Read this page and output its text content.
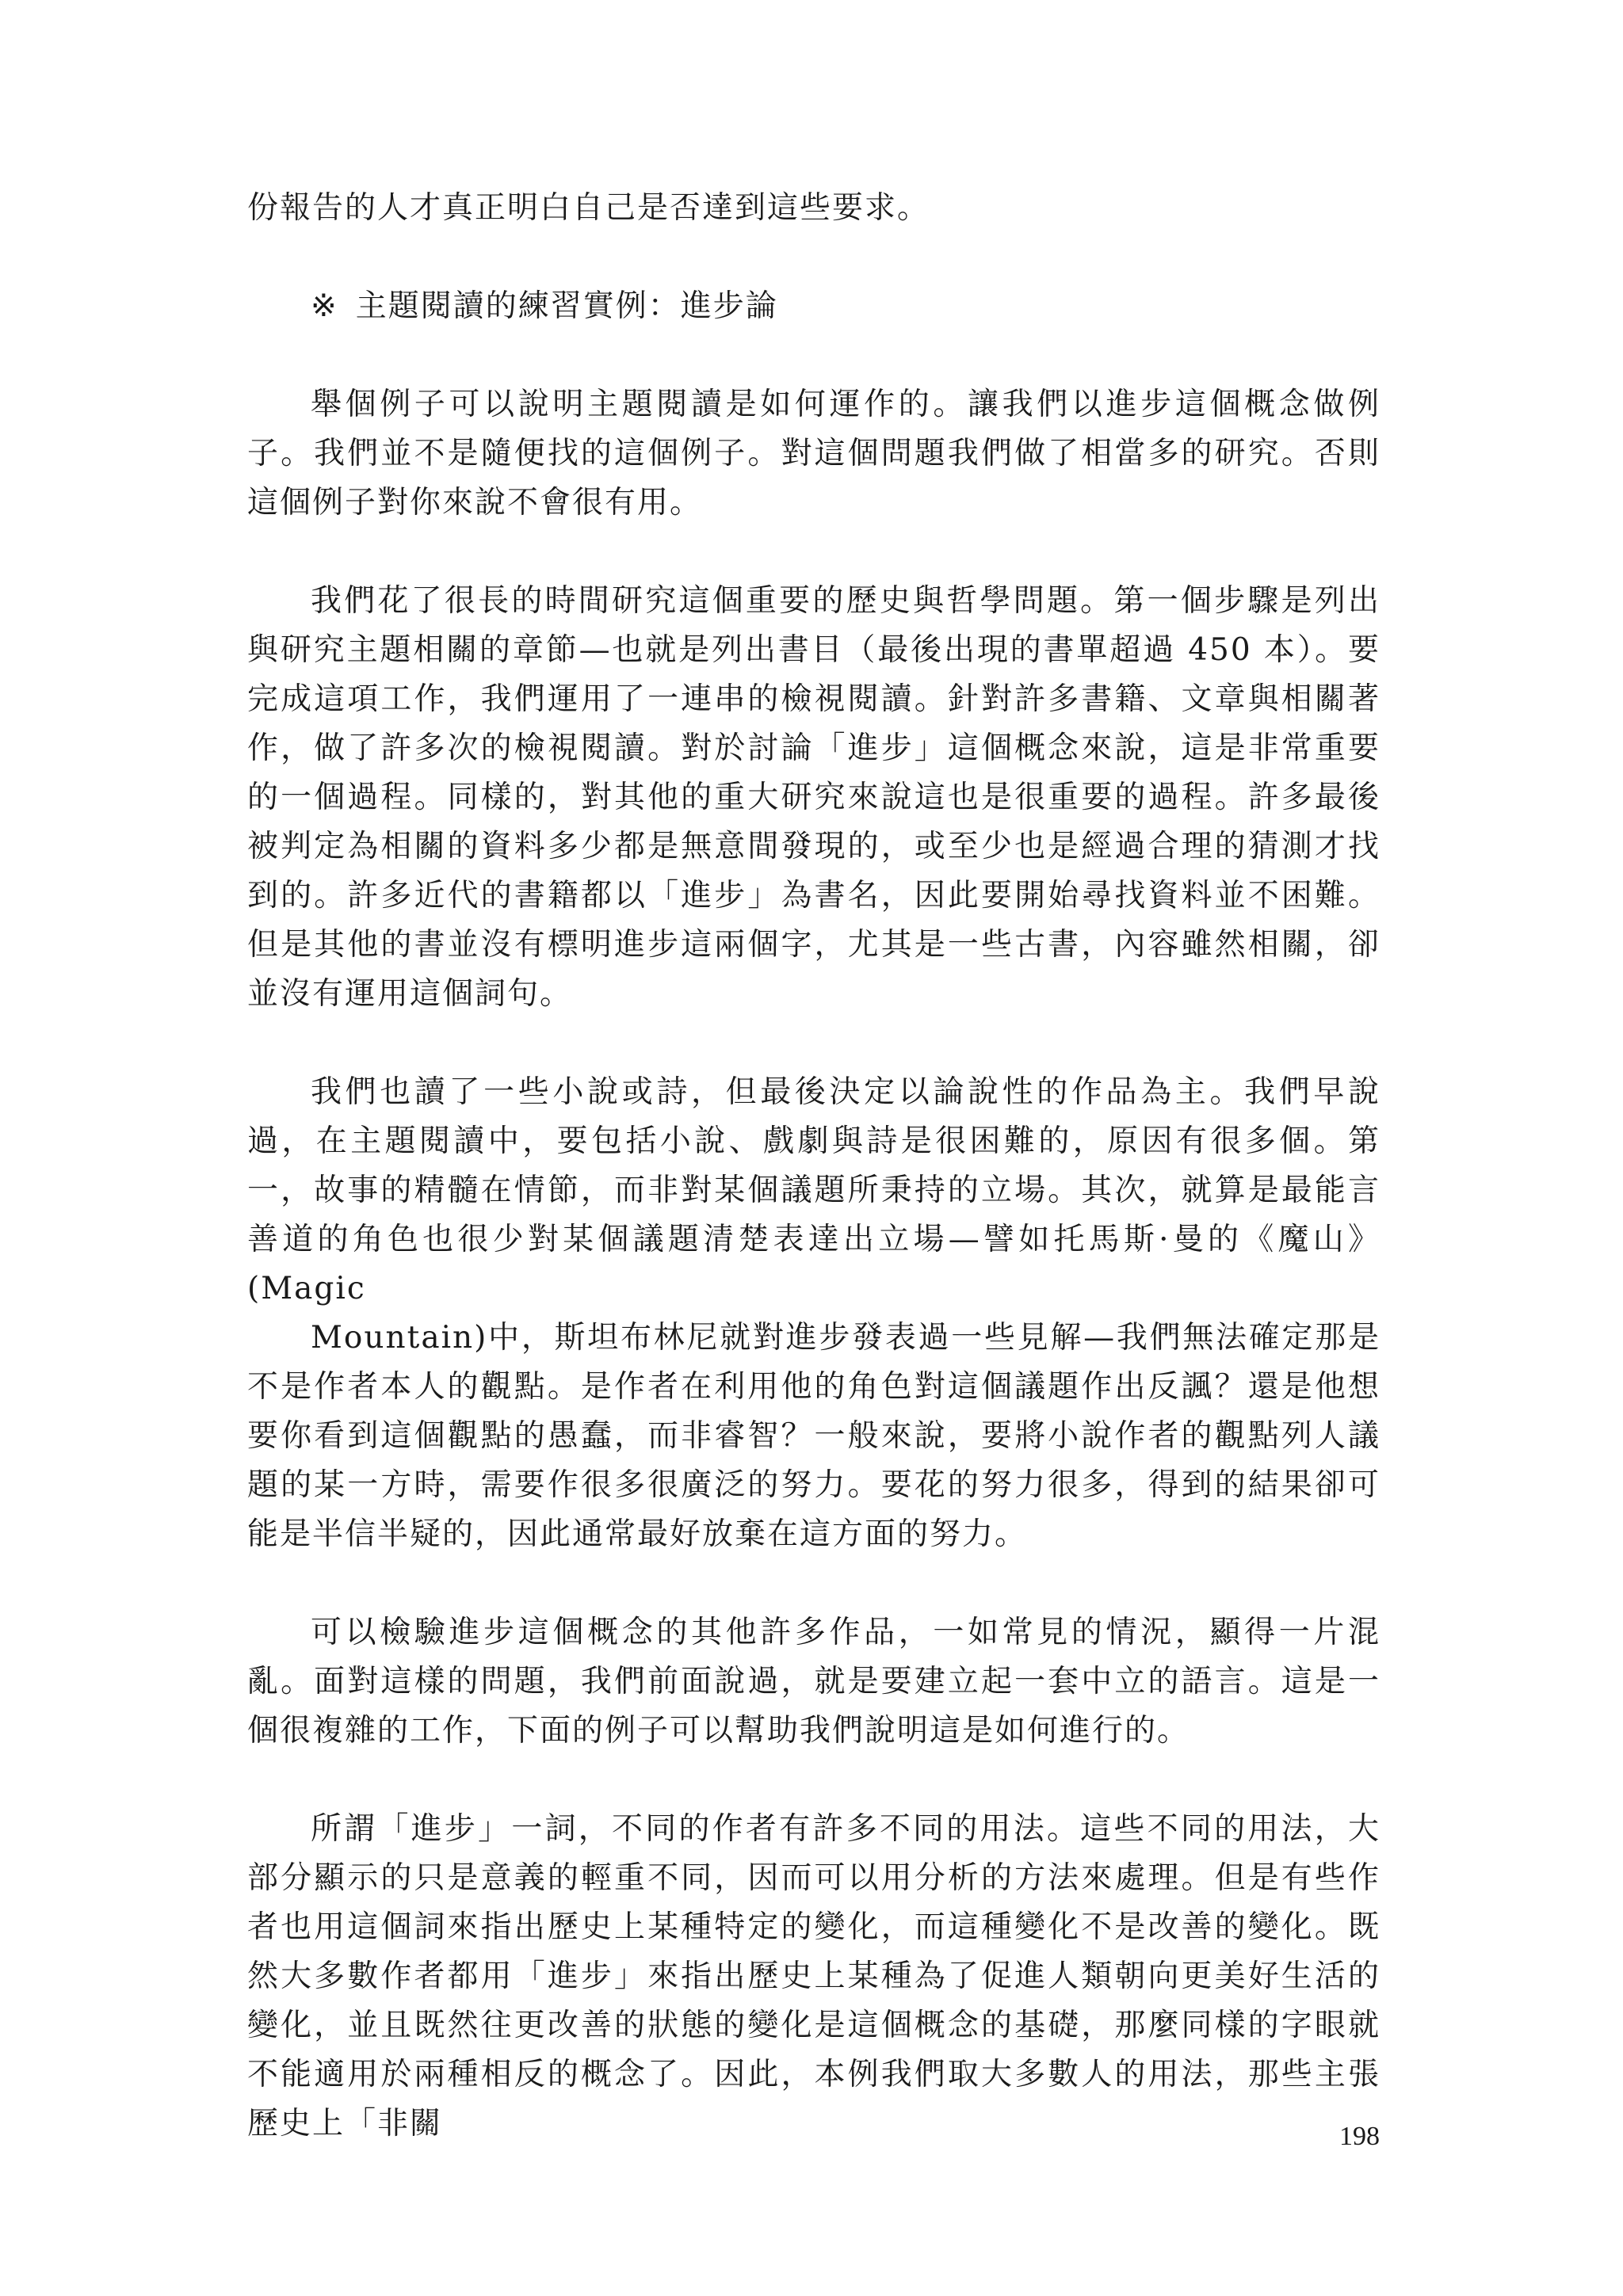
份報告的人才真正明白自己是否達到這些要求。

※ 主題閱讀的練習實例：進步論

舉個例子可以說明主題閱讀是如何運作的。讓我們以進步這個概念做例子。我們並不是隨便找的這個例子。對這個問題我們做了相當多的研究。否則這個例子對你來說不會很有用。

我們花了很長的時間研究這個重要的歷史與哲學問題。第一個步驟是列出與研究主題相關的章節—也就是列出書目（最後出現的書單超過 450 本）。要完成這項工作，我們運用了一連串的檢視閱讀。針對許多書籍、文章與相關著作，做了許多次的檢視閱讀。對於討論「進步」這個概念來說，這是非常重要的一個過程。同樣的，對其他的重大研究來說這也是很重要的過程。許多最後被判定為相關的資料多少都是無意間發現的，或至少也是經過合理的猜測才找到的。許多近代的書籍都以「進步」為書名，因此要開始尋找資料並不困難。但是其他的書並沒有標明進步這兩個字，尤其是一些古書，內容雖然相關，卻並沒有運用這個詞句。

我們也讀了一些小說或詩，但最後決定以論說性的作品為主。我們早說過，在主題閱讀中，要包括小說、戲劇與詩是很困難的，原因有很多個。第一，故事的精髓在情節，而非對某個議題所秉持的立場。其次，就算是最能言善道的角色也很少對某個議題清楚表達出立場—譬如托馬斯·曼的《魔山》(Magic

Mountain)中，斯坦布林尼就對進步發表過一些見解—我們無法確定那是不是作者本人的觀點。是作者在利用他的角色對這個議題作出反諷？還是他想要你看到這個觀點的愚蠢，而非睿智？一般來說，要將小說作者的觀點列人議題的某一方時，需要作很多很廣泛的努力。要花的努力很多，得到的結果卻可能是半信半疑的，因此通常最好放棄在這方面的努力。

可以檢驗進步這個概念的其他許多作品，一如常見的情況，顯得一片混亂。面對這樣的問題，我們前面說過，就是要建立起一套中立的語言。這是一個很複雜的工作，下面的例子可以幫助我們說明這是如何進行的。

所謂「進步」一詞，不同的作者有許多不同的用法。這些不同的用法，大部分顯示的只是意義的輕重不同，因而可以用分析的方法來處理。但是有些作者也用這個詞來指出歷史上某種特定的變化，而這種變化不是改善的變化。既然大多數作者都用「進步」來指出歷史上某種為了促進人類朝向更美好生活的變化，並且既然往更改善的狀態的變化是這個概念的基礎，那麼同樣的字眼就不能適用於兩種相反的概念了。因此，本例我們取大多數人的用法，那些主張歷史上「非關	198
